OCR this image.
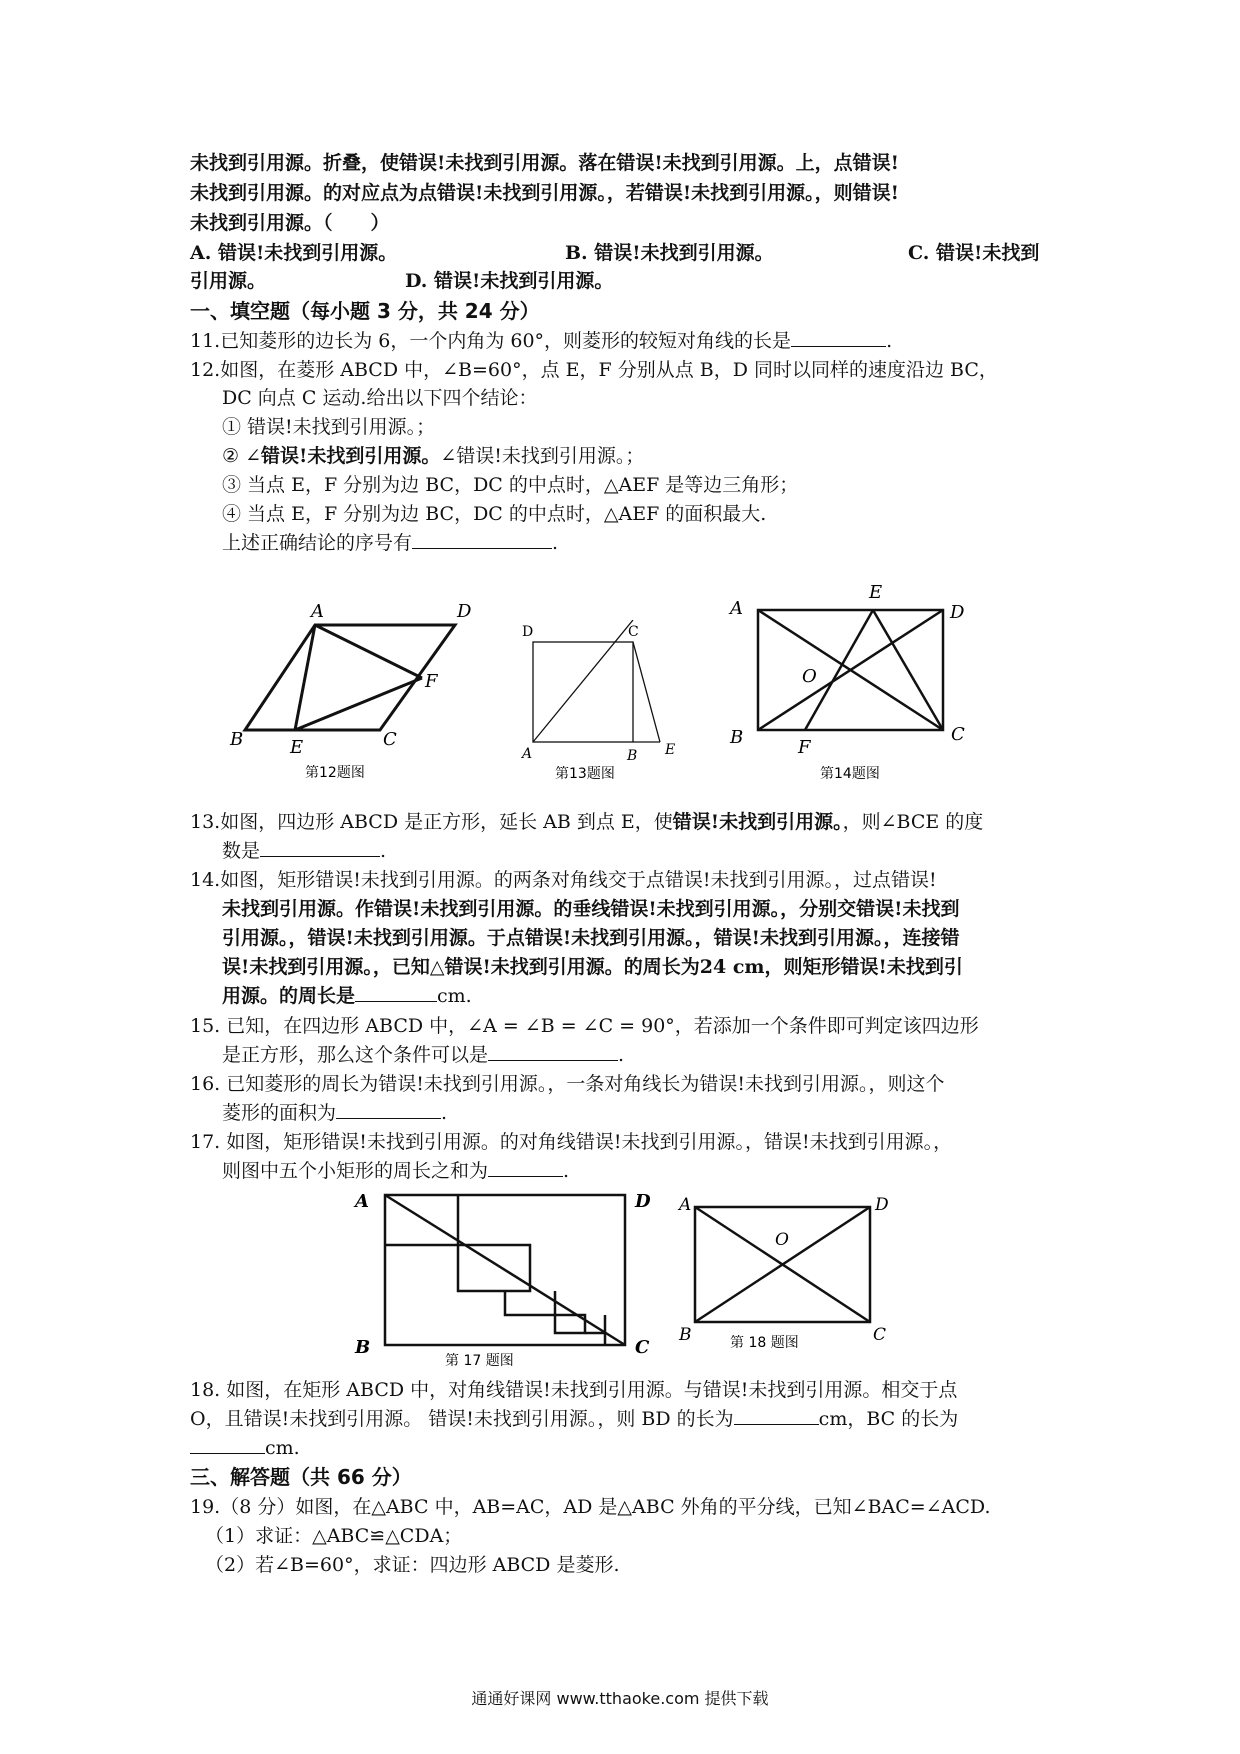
未找到引用源。折叠，使错误!未找到引用源。落在错误!未找到引用源。上，点错误!
未找到引用源。的对应点为点错误!未找到引用源。，若错误!未找到引用源。，则错误!
未找到引用源。（　　）
A. 错误!未找到引用源。	B. 错误!未找到引用源。	C. 错误!未找到
引用源。	D. 错误!未找到引用源。
一、填空题（每小题 3 分，共 24 分）
11.已知菱形的边长为 6，一个内角为 60°，则菱形的较短对角线的长是	.
12.如图，在菱形 ABCD 中，∠B=60°，点 E，F 分别从点 B，D 同时以同样的速度沿边 BC，
DC 向点 C 运动.给出以下四个结论：
① 错误!未找到引用源。；
② ∠错误!未找到引用源。∠错误!未找到引用源。；
③ 当点 E，F 分别为边 BC，DC 的中点时，△AEF 是等边三角形；
④ 当点 E，F 分别为边 BC，DC 的中点时，△AEF 的面积最大.
上述正确结论的序号有	.
A	D
F
B	E	C
第12题图
D	C
A	B E
第13题图
A
E
D
O
B	F
C
第14题图
13.如图，四边形 ABCD 是正方形，延长 AB 到点 E，使错误!未找到引用源。，则∠BCE 的度
数是	.
14.如图，矩形错误!未找到引用源。的两条对角线交于点错误!未找到引用源。，过点错误!
未找到引用源。作错误!未找到引用源。的垂线错误!未找到引用源。，分别交错误!未找到
引用源。，错误!未找到引用源。于点错误!未找到引用源。，错误!未找到引用源。，连接错
误!未找到引用源。，已知△错误!未找到引用源。的周长为24 cm，则矩形错误!未找到引
用源。的周长是	cm.
15. 已知，在四边形 ABCD 中，∠A = ∠B = ∠C = 90°，若添加一个条件即可判定该四边形
是正方形，那么这个条件可以是	.
16. 已知菱形的周长为错误!未找到引用源。，一条对角线长为错误!未找到引用源。，则这个
菱形的面积为	.
17. 如图，矩形错误!未找到引用源。的对角线错误!未找到引用源。，错误!未找到引用源。，
则图中五个小矩形的周长之和为	.
A	D
B	C
第 17 题图
A	D
O
B	C
第 18 题图
18. 如图，在矩形 ABCD 中，对角线错误!未找到引用源。与错误!未找到引用源。相交于点
O，且错误!未找到引用源。 错误!未找到引用源。，则 BD 的长为	cm，BC 的长为
cm.
三、解答题（共 66 分）
19.（8 分）如图，在△ABC 中，AB=AC，AD 是△ABC 外角的平分线，已知∠BAC=∠ACD.
（1）求证：△ABC≌△CDA；
（2）若∠B=60°，求证：四边形 ABCD 是菱形.
通通好课网 www.tthaoke.com 提供下载
